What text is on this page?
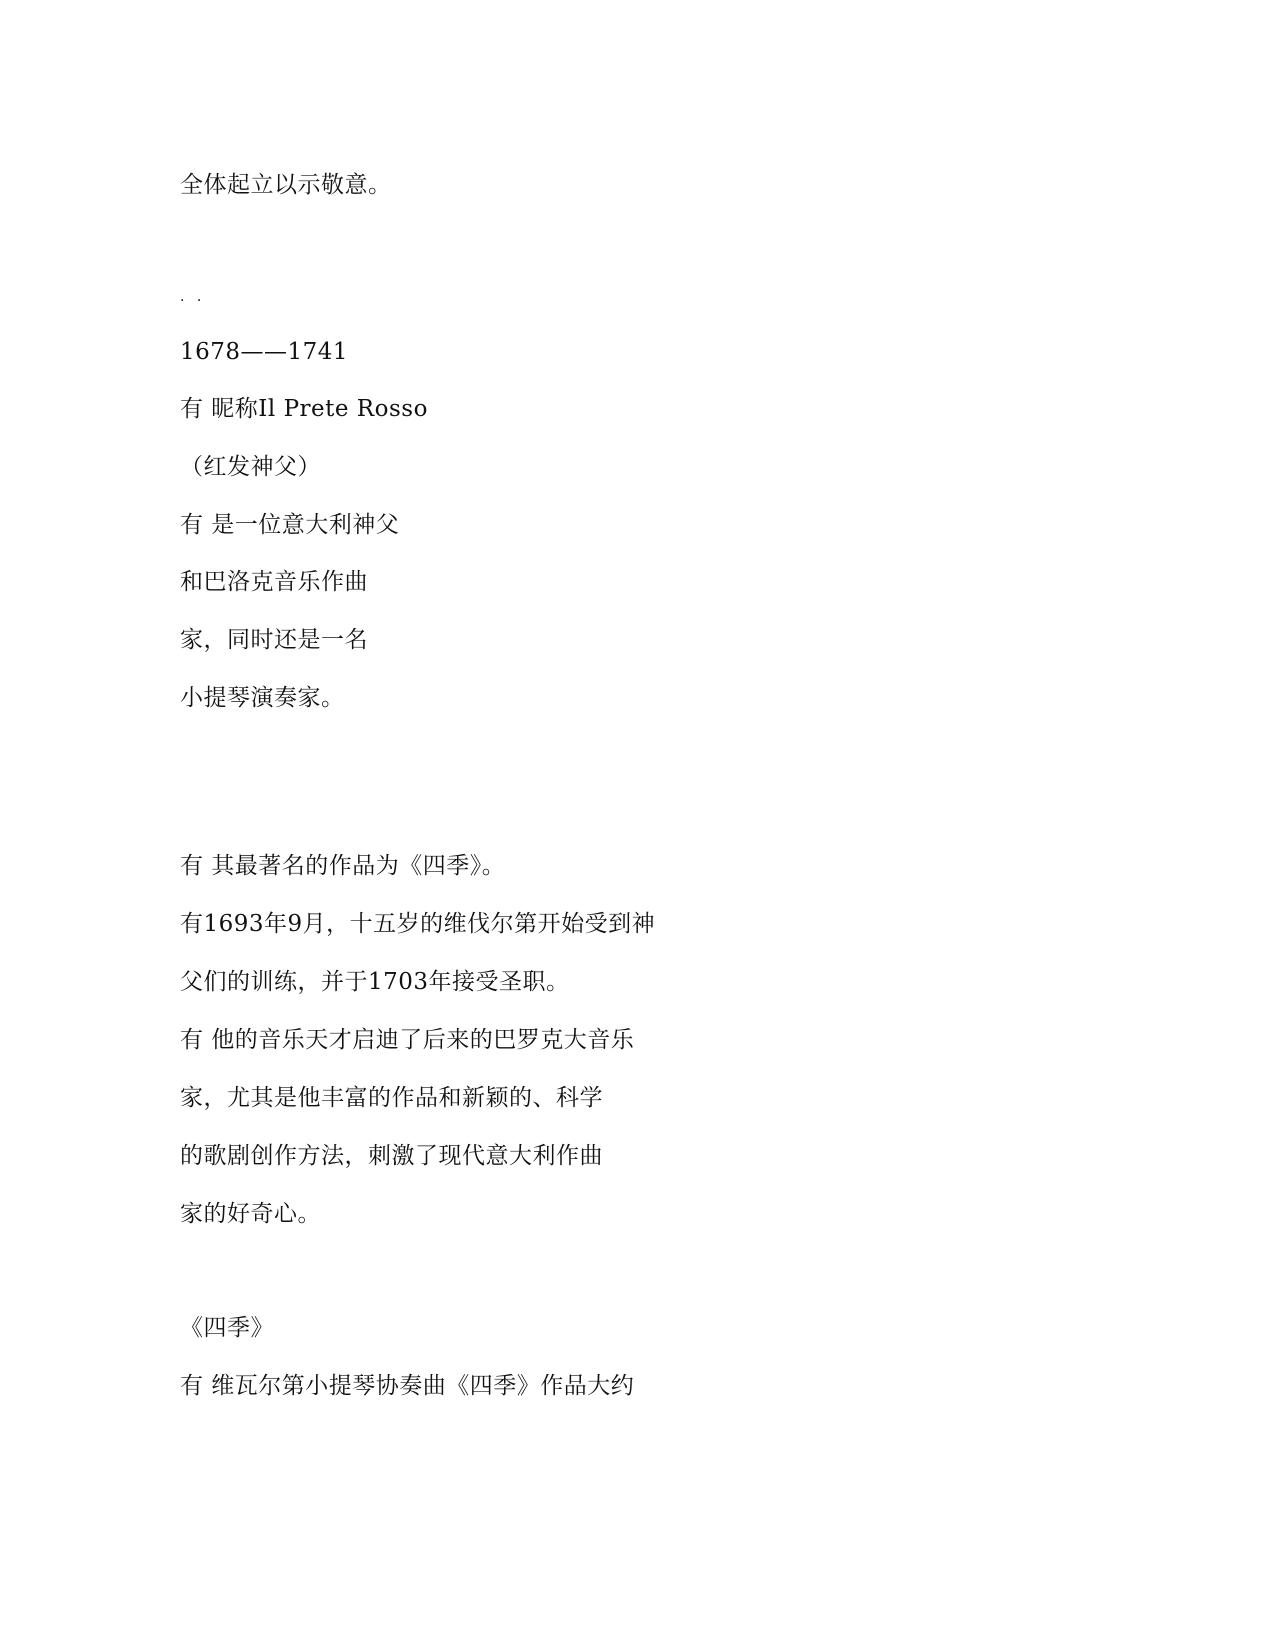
全体起立以示敬意。
. .
1678——1741
有 昵称Il Prete Rosso
（红发神父）
有 是一位意大利神父
和巴洛克音乐作曲
家，同时还是一名
小提琴演奏家。
有 其最著名的作品为《四季》。
有1693年9月，十五岁的维伐尔第开始受到神
父们的训练，并于1703年接受圣职。
有 他的音乐天才启迪了后来的巴罗克大音乐
家，尤其是他丰富的作品和新颖的、科学
的歌剧创作方法，刺激了现代意大利作曲
家的好奇心。
《四季》
有 维瓦尔第小提琴协奏曲《四季》作品大约
